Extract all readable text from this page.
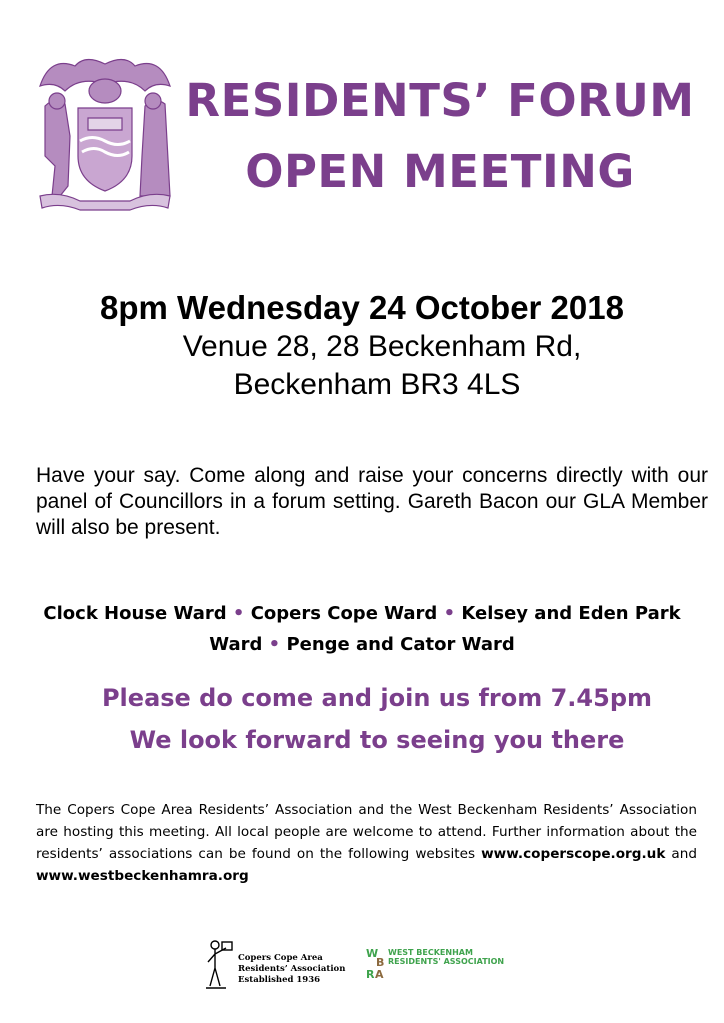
RESIDENTS’ FORUM
OPEN MEETING
8pm Wednesday 24 October 2018
Venue 28, 28 Beckenham Rd,
Beckenham BR3 4LS
Have your say. Come along and raise your concerns directly with our panel of Councillors in a forum setting. Gareth Bacon our GLA Member will also be present.
Clock House Ward • Copers Cope Ward • Kelsey and Eden Park Ward • Penge and Cator Ward
Please do come and join us from 7.45pm
We look forward to seeing you there
The Copers Cope Area Residents’ Association and the West Beckenham Residents’ Association are hosting this meeting. All local people are welcome to attend. Further information about the residents’ associations can be found on the following websites www.coperscope.org.uk and www.westbeckenhamra.org
Copers Cope Area
Residents’ Association
Established 1936
W
B
R A
WEST BECKENHAM
RESIDENTS' ASSOCIATION
